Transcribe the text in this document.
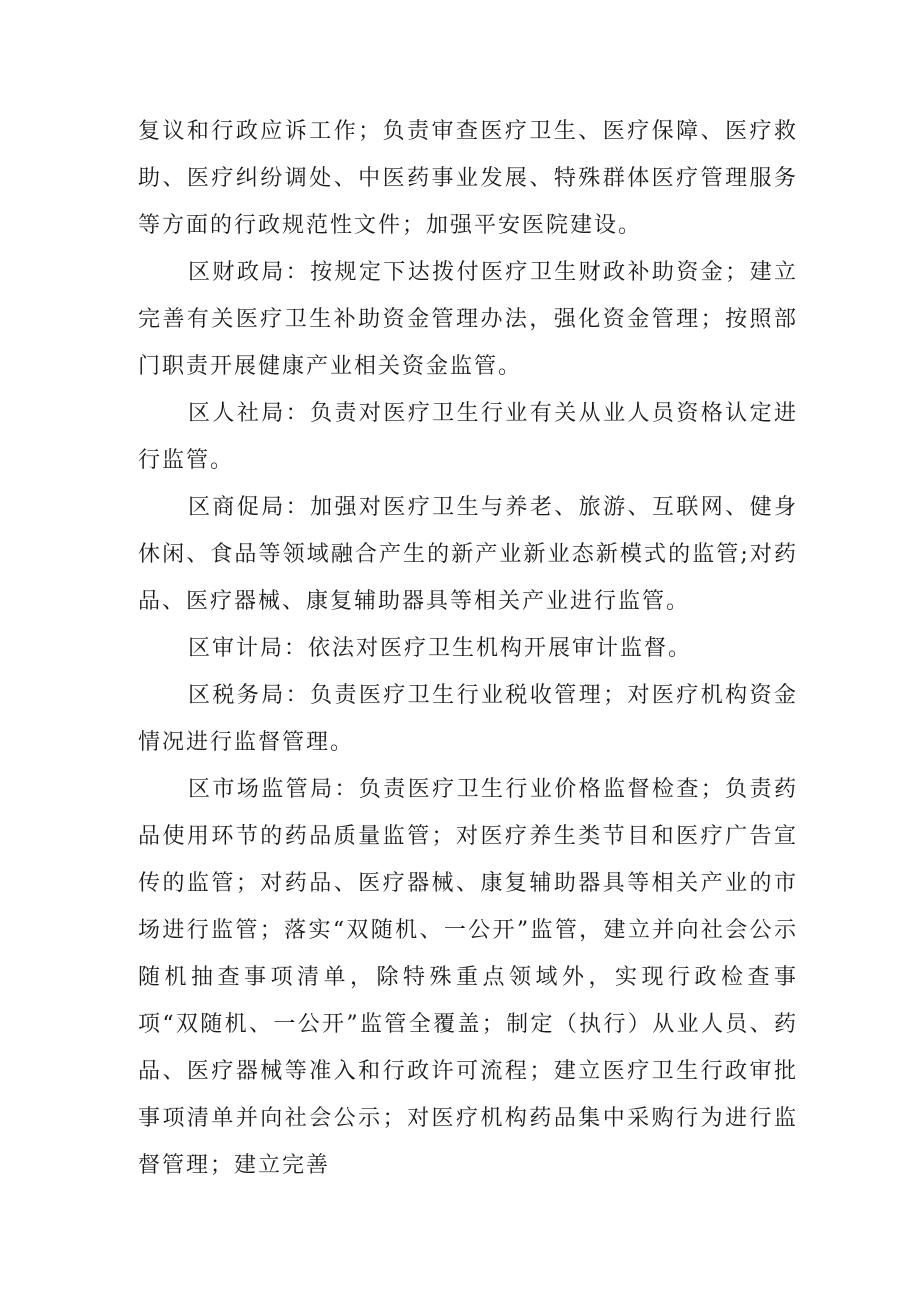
复议和行政应诉工作；负责审查医疗卫生、医疗保障、医疗救助、医疗纠纷调处、中医药事业发展、特殊群体医疗管理服务等方面的行政规范性文件；加强平安医院建设。

区财政局：按规定下达拨付医疗卫生财政补助资金；建立完善有关医疗卫生补助资金管理办法，强化资金管理；按照部门职责开展健康产业相关资金监管。

区人社局：负责对医疗卫生行业有关从业人员资格认定进行监管。

区商促局：加强对医疗卫生与养老、旅游、互联网、健身休闲、食品等领域融合产生的新产业新业态新模式的监管;对药品、医疗器械、康复辅助器具等相关产业进行监管。

区审计局：依法对医疗卫生机构开展审计监督。

区税务局：负责医疗卫生行业税收管理；对医疗机构资金情况进行监督管理。

区市场监管局：负责医疗卫生行业价格监督检查；负责药品使用环节的药品质量监管；对医疗养生类节目和医疗广告宣传的监管；对药品、医疗器械、康复辅助器具等相关产业的市场进行监管；落实“双随机、一公开”监管，建立并向社会公示随机抽查事项清单，除特殊重点领域外，实现行政检查事项“双随机、一公开”监管全覆盖；制定（执行）从业人员、药品、医疗器械等准入和行政许可流程；建立医疗卫生行政审批事项清单并向社会公示；对医疗机构药品集中采购行为进行监督管理；建立完善
